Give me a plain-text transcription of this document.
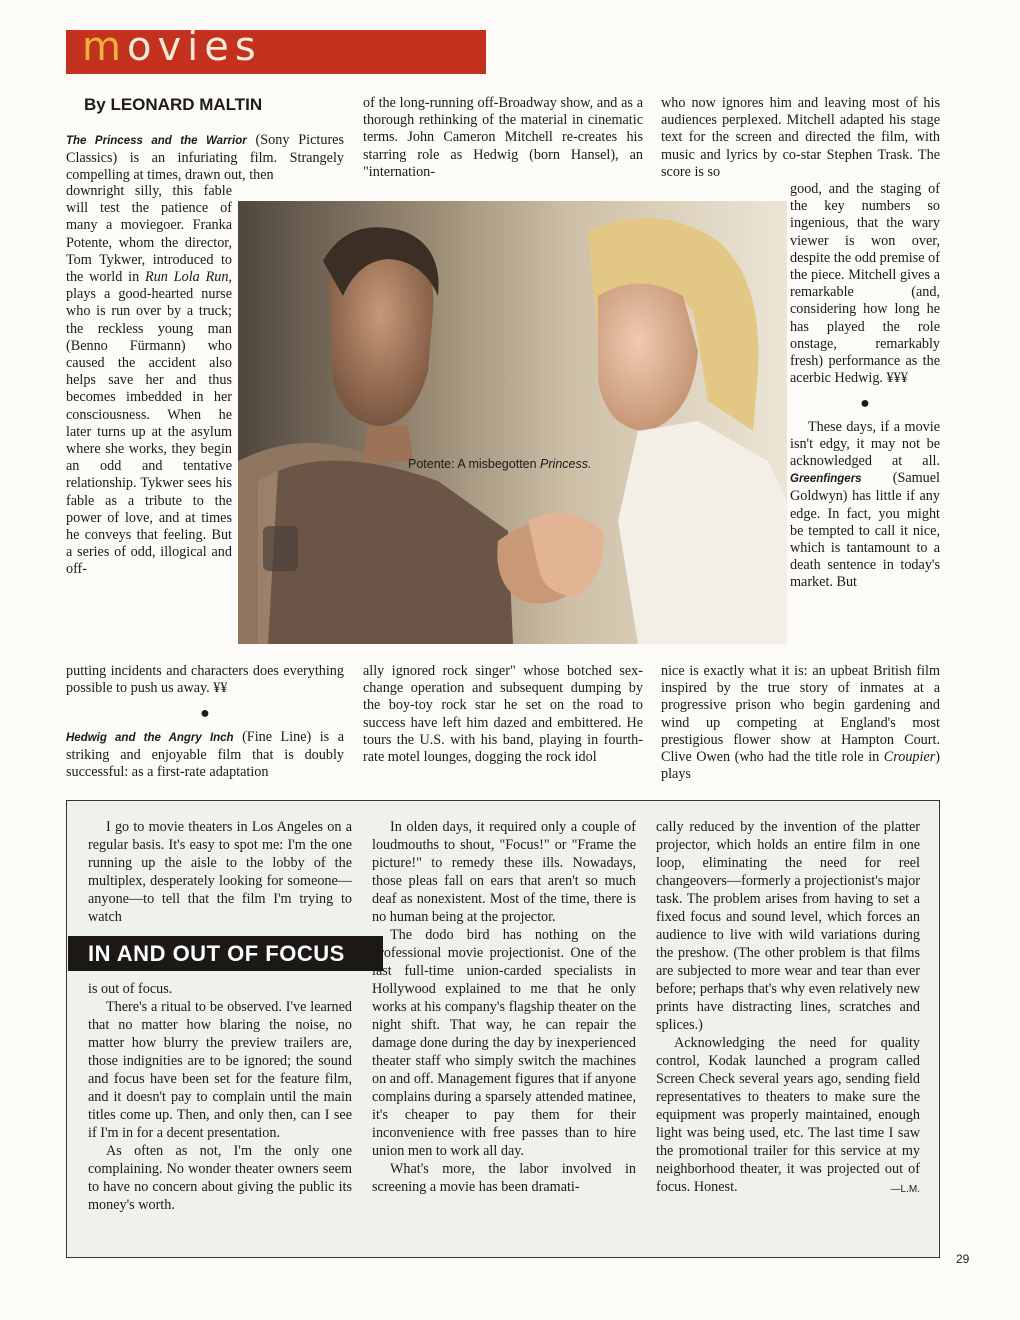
movies
By LEONARD MALTIN
Potente: A misbegotten Princess.

The Princess and the Warrior (Sony Pictures Classics) is an infuriating film. Strangely compelling at times, drawn out, then

downright silly, this fable will test the patience of many a moviegoer. Franka Potente, whom the director, Tom Tykwer, introduced to the world in Run Lola Run, plays a good-hearted nurse who is run over by a truck; the reckless young man (Benno Fürmann) who caused the accident also helps save her and thus becomes imbedded in her consciousness. When he later turns up at the asylum where she works, they begin an odd and tentative relationship. Tykwer sees his fable as a tribute to the power of love, and at times he conveys that feeling. But a series of odd, illogical and off-

putting incidents and characters does everything possible to push us away. ¥¥

●

Hedwig and the Angry Inch (Fine Line) is a striking and enjoyable film that is doubly successful: as a first-rate adaptation

of the long-running off-Broadway show, and as a thorough rethinking of the material in cinematic terms. John Cameron Mitchell re-creates his starring role as Hedwig (born Hansel), an "internation-

ally ignored rock singer" whose botched sex-change operation and subsequent dumping by the boy-toy rock star he set on the road to success have left him dazed and embittered. He tours the U.S. with his band, playing in fourth-rate motel lounges, dogging the rock idol

who now ignores him and leaving most of his audiences perplexed. Mitchell adapted his stage text for the screen and directed the film, with music and lyrics by co-star Stephen Trask. The score is so

good, and the staging of the key numbers so ingenious, that the wary viewer is won over, despite the odd premise of the piece. Mitchell gives a remarkable (and, considering how long he has played the role onstage, remarkably fresh) performance as the acerbic Hedwig. ¥¥¥

●

These days, if a movie isn't edgy, it may not be acknowledged at all. Greenfingers (Samuel Goldwyn) has little if any edge. In fact, you might be tempted to call it nice, which is tantamount to a death sentence in today's market. But

nice is exactly what it is: an upbeat British film inspired by the true story of inmates at a progressive prison who begin gardening and wind up competing at England's most prestigious flower show at Hampton Court. Clive Owen (who had the title role in Croupier) plays

IN AND OUT OF FOCUS

I go to movie theaters in Los Angeles on a regular basis. It's easy to spot me: I'm the one running up the aisle to the lobby of the multiplex, desperately looking for someone—anyone—to tell that the film I'm trying to watch

is out of focus.

There's a ritual to be observed. I've learned that no matter how blaring the noise, no matter how blurry the preview trailers are, those indignities are to be ignored; the sound and focus have been set for the feature film, and it doesn't pay to complain until the main titles come up. Then, and only then, can I see if I'm in for a decent presentation.

As often as not, I'm the only one complaining. No wonder theater owners seem to have no concern about giving the public its money's worth.

In olden days, it required only a couple of loudmouths to shout, "Focus!" or "Frame the picture!" to remedy these ills. Nowadays, those pleas fall on ears that aren't so much deaf as nonexistent. Most of the time, there is no human being at the projector.

The dodo bird has nothing on the professional movie projectionist. One of the last full-time union-carded specialists in Hollywood explained to me that he only works at his company's flagship theater on the night shift. That way, he can repair the damage done during the day by inexperienced theater staff who simply switch the machines on and off. Management figures that if anyone complains during a sparsely attended matinee, it's cheaper to pay them for their inconvenience with free passes than to hire union men to work all day.

What's more, the labor involved in screening a movie has been dramati-

cally reduced by the invention of the platter projector, which holds an entire film in one loop, eliminating the need for reel changeovers—formerly a projectionist's major task. The problem arises from having to set a fixed focus and sound level, which forces an audience to live with wild variations during the preshow. (The other problem is that films are subjected to more wear and tear than ever before; perhaps that's why even relatively new prints have distracting lines, scratches and splices.)

Acknowledging the need for quality control, Kodak launched a program called Screen Check several years ago, sending field representatives to theaters to make sure the equipment was properly maintained, enough light was being used, etc. The last time I saw the promotional trailer for this service at my neighborhood theater, it was projected out of focus. Honest.	—L.M.

29
